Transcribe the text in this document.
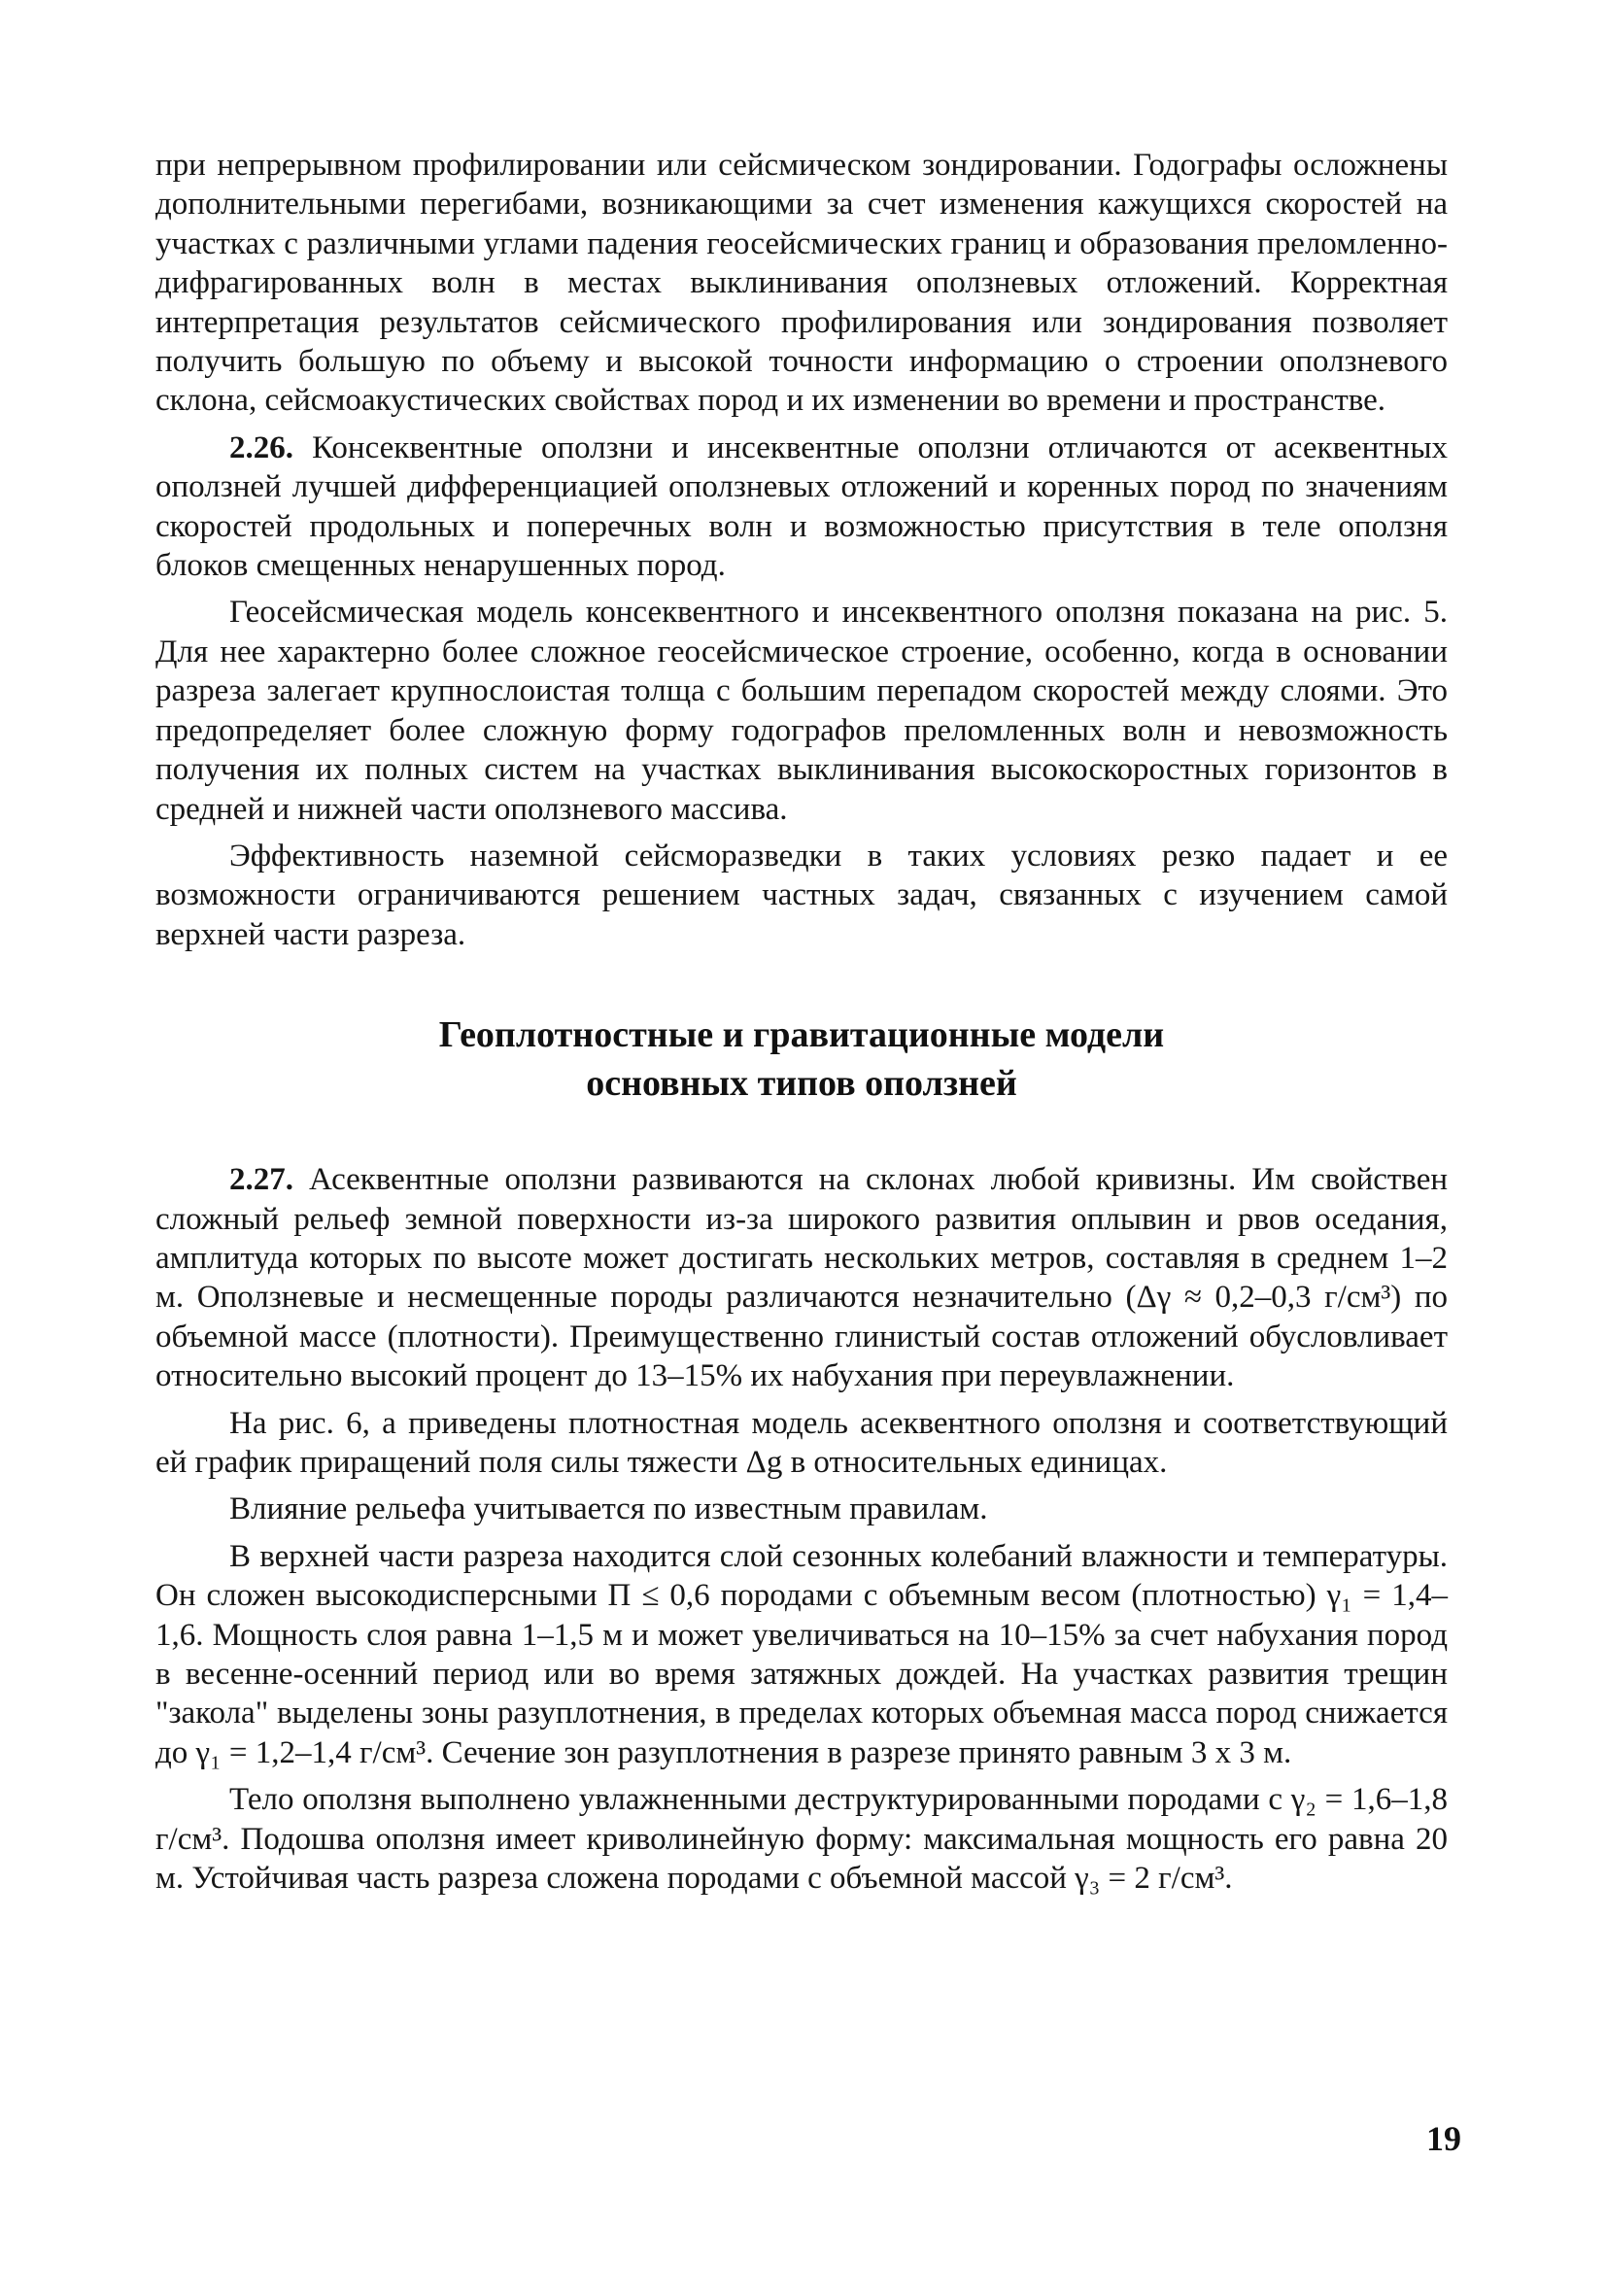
при непрерывном профилировании или сейсмическом зондировании. Годографы осложнены дополнительными перегибами, возникающими за счет изменения кажущихся скоростей на участках с различными углами падения геосейсмических границ и образования преломленно-дифрагированных волн в местах выклинивания оползневых отложений. Корректная интерпретация результатов сейсмического профилирования или зондирования позволяет получить большую по объему и высокой точности информацию о строении оползневого склона, сейсмоакустических свойствах пород и их изменении во времени и пространстве.

2.26. Консеквентные оползни и инсеквентные оползни отличаются от асеквентных оползней лучшей дифференциацией оползневых отложений и коренных пород по значениям скоростей продольных и поперечных волн и возможностью присутствия в теле оползня блоков смещенных ненарушенных пород.

Геосейсмическая модель консеквентного и инсеквентного оползня показана на рис. 5. Для нее характерно более сложное геосейсмическое строение, особенно, когда в основании разреза залегает крупнослоистая толща с большим перепадом скоростей между слоями. Это предопределяет более сложную форму годографов преломленных волн и невозможность получения их полных систем на участках выклинивания высокоскоростных горизонтов в средней и нижней части оползневого массива.

Эффективность наземной сейсморазведки в таких условиях резко падает и ее возможности ограничиваются решением частных задач, связанных с изучением самой верхней части разреза.

Геоплотностные и гравитационные модели
основных типов оползней

2.27. Асеквентные оползни развиваются на склонах любой кривизны. Им свойствен сложный рельеф земной поверхности из-за широкого развития оплывин и рвов оседания, амплитуда которых по высоте может достигать нескольких метров, составляя в среднем 1–2 м. Оползневые и несмещенные породы различаются незначительно (Δγ ≈ 0,2–0,3 г/см³) по объемной массе (плотности). Преимущественно глинистый состав отложений обусловливает относительно высокий процент до 13–15% их набухания при переувлажнении.

На рис. 6, а приведены плотностная модель асеквентного оползня и соответствующий ей график приращений поля силы тяжести Δg в относительных единицах.

Влияние рельефа учитывается по известным правилам.

В верхней части разреза находится слой сезонных колебаний влажности и температуры. Он сложен высокодисперсными П ≤ 0,6 породами с объемным весом (плотностью) γ₁ = 1,4–1,6. Мощность слоя равна 1–1,5 м и может увеличиваться на 10–15% за счет набухания пород в весенне-осенний период или во время затяжных дождей. На участках развития трещин "закола" выделены зоны разуплотнения, в пределах которых объемная масса пород снижается до γ₁ = 1,2–1,4 г/см³. Сечение зон разуплотнения в разрезе принято равным 3 x 3 м.

Тело оползня выполнено увлажненными деструктурированными породами с γ₂ = 1,6–1,8 г/см³. Подошва оползня имеет криволинейную форму: максимальная мощность его равна 20 м. Устойчивая часть разреза сложена породами с объемной массой γ₃ = 2 г/см³.

19
